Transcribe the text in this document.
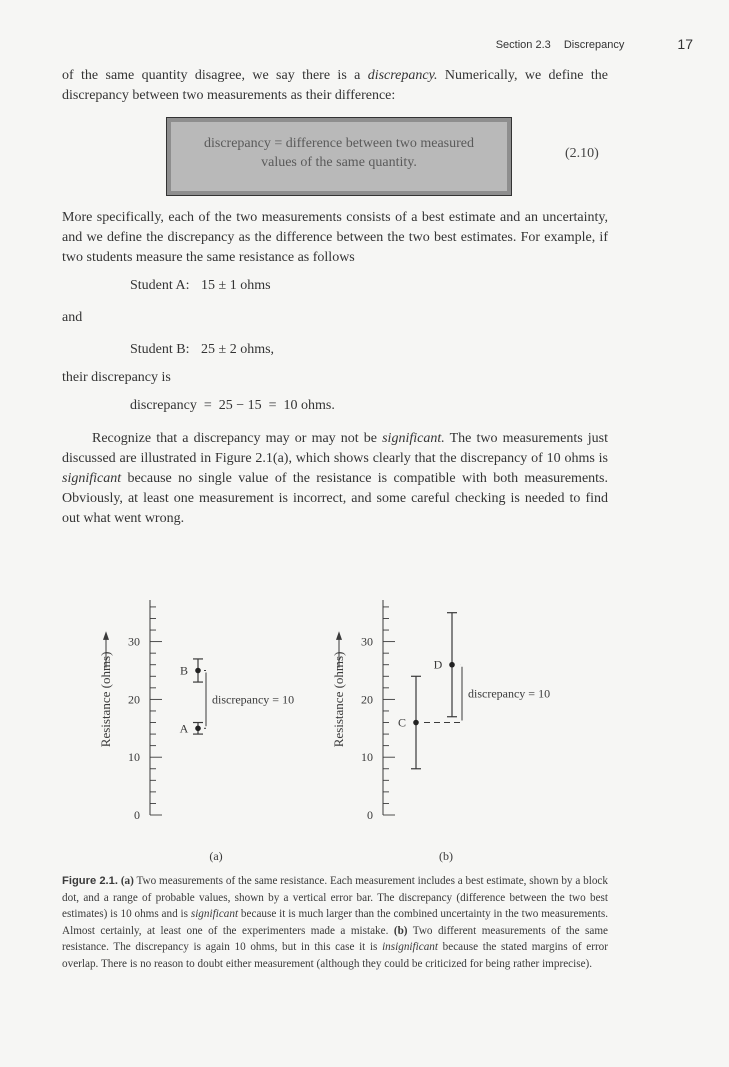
Section 2.3 Discrepancy	17
of the same quantity disagree, we say there is a discrepancy. Numerically, we define the discrepancy between two measurements as their difference:
discrepancy = difference between two measured
values of the same quantity.
(2.10)
More specifically, each of the two measurements consists of a best estimate and an uncertainty, and we define the discrepancy as the difference between the two best estimates. For example, if two students measure the same resistance as follows
Student A: 15 ± 1 ohms
and
Student B: 25 ± 2 ohms,
their discrepancy is
discrepancy  =  25 − 15  =  10 ohms.
Recognize that a discrepancy may or may not be significant. The two measurements just discussed are illustrated in Figure 2.1(a), which shows clearly that the discrepancy of 10 ohms is significant because no single value of the resistance is compatible with both measurements. Obviously, at least one measurement is incorrect, and some careful checking is needed to find out what went wrong.
0
10
20
30
Resistance (ohms)	B
A
discrepancy = 10
(a)
0
10
20
30
Resistance (ohms)	C
D
discrepancy = 10
(b)
Figure 2.1. (a) Two measurements of the same resistance. Each measurement includes a best estimate, shown by a block dot, and a range of probable values, shown by a vertical error bar. The discrepancy (difference between the two best estimates) is 10 ohms and is significant because it is much larger than the combined uncertainty in the two measurements. Almost certainly, at least one of the experimenters made a mistake. (b) Two different measurements of the same resistance. The discrepancy is again 10 ohms, but in this case it is insignificant because the stated margins of error overlap. There is no reason to doubt either measurement (although they could be criticized for being rather imprecise).
